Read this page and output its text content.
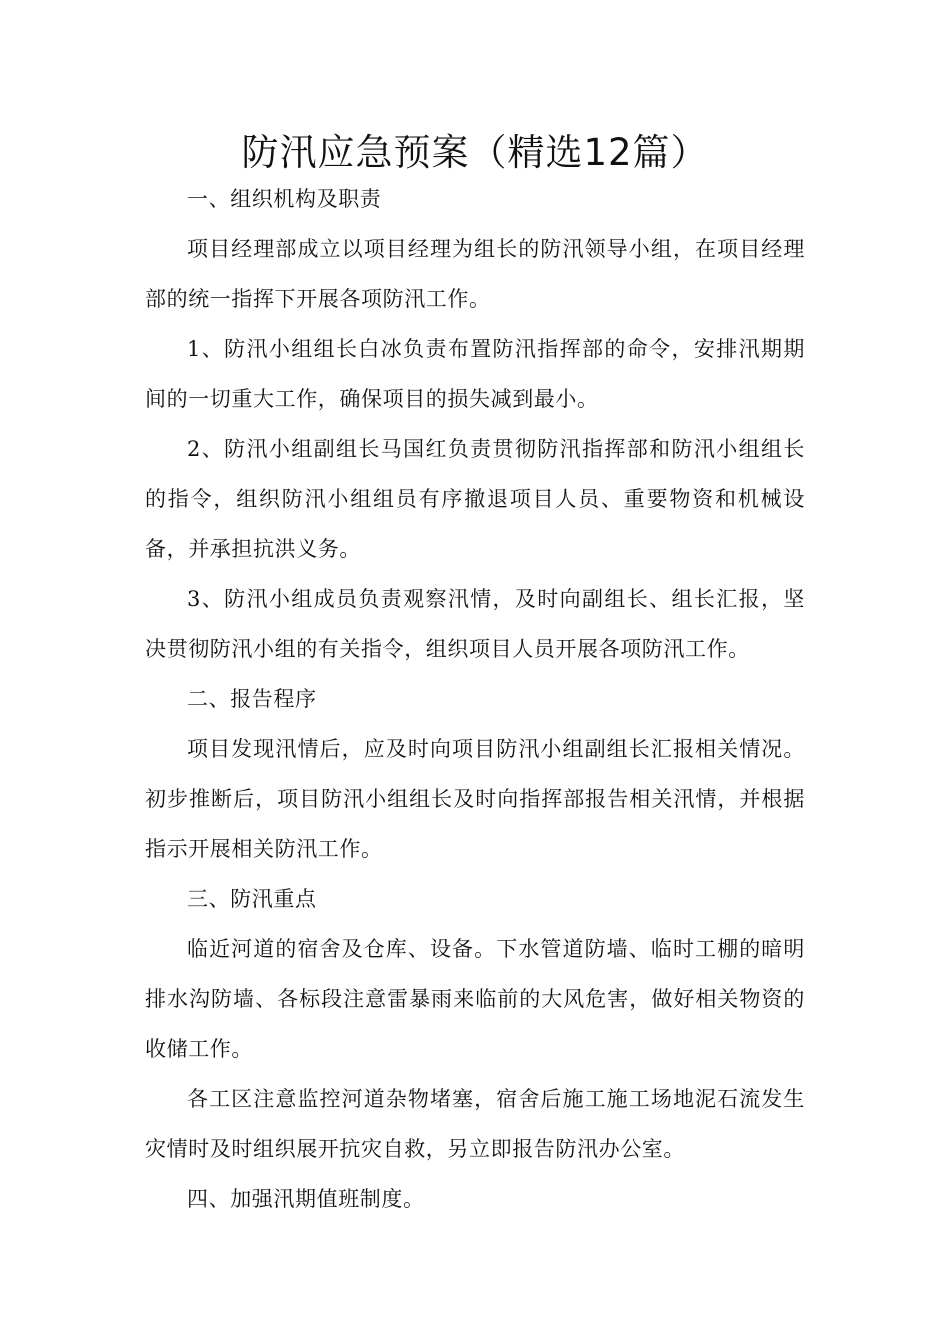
防汛应急预案（精选12篇）

一、组织机构及职责

项目经理部成立以项目经理为组长的防汛领导小组，在项目经理部的统一指挥下开展各项防汛工作。

1、防汛小组组长白冰负责布置防汛指挥部的命令，安排汛期期间的一切重大工作，确保项目的损失减到最小。

2、防汛小组副组长马国红负责贯彻防汛指挥部和防汛小组组长的指令，组织防汛小组组员有序撤退项目人员、重要物资和机械设备，并承担抗洪义务。

3、防汛小组成员负责观察汛情，及时向副组长、组长汇报，坚决贯彻防汛小组的有关指令，组织项目人员开展各项防汛工作。

二、报告程序

项目发现汛情后，应及时向项目防汛小组副组长汇报相关情况。初步推断后，项目防汛小组组长及时向指挥部报告相关汛情，并根据指示开展相关防汛工作。

三、防汛重点

临近河道的宿舍及仓库、设备。下水管道防墙、临时工棚的暗明排水沟防墙、各标段注意雷暴雨来临前的大风危害，做好相关物资的收储工作。

各工区注意监控河道杂物堵塞，宿舍后施工施工场地泥石流发生灾情时及时组织展开抗灾自救，另立即报告防汛办公室。

四、加强汛期值班制度。
